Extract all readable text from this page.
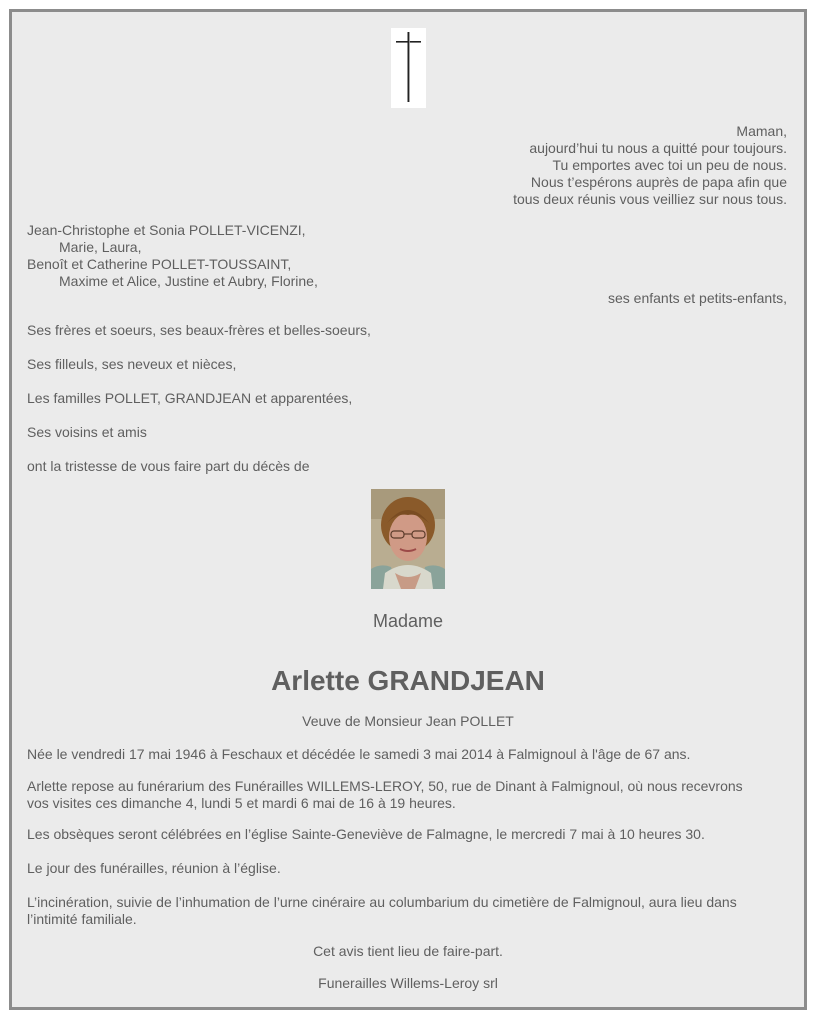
Maman,

aujourd’hui tu nous a quitté pour toujours.

Tu emportes avec toi un peu de nous.

Nous t’espérons auprès de papa afin que

tous deux réunis vous veilliez sur nous tous.

Jean-Christophe et Sonia POLLET-VICENZI,

Marie, Laura,

Benoît et Catherine POLLET-TOUSSAINT,

Maxime et Alice, Justine et Aubry, Florine,

ses enfants et petits-enfants,

Ses frères et soeurs, ses beaux-frères et belles-soeurs,

Ses filleuls, ses neveux et nièces,

Les familles POLLET, GRANDJEAN et apparentées,

Ses voisins et amis

ont la tristesse de vous faire part du décès de

Madame

Arlette GRANDJEAN

Veuve de Monsieur Jean POLLET

Née le vendredi 17 mai 1946 à Feschaux et décédée le samedi 3 mai 2014 à Falmignoul à l'âge de 67 ans.

Arlette repose au funérarium des Funérailles WILLEMS-LEROY, 50, rue de Dinant à Falmignoul, où nous recevrons

vos visites ces dimanche 4, lundi 5 et mardi 6 mai de 16 à 19 heures.

Les obsèques seront célébrées en l’église Sainte-Geneviève de Falmagne, le mercredi 7 mai à 10 heures 30.

Le jour des funérailles, réunion à l’église.

L’incinération, suivie de l’inhumation de l’urne cinéraire au columbarium du cimetière de Falmignoul, aura lieu dans

l’intimité familiale.

Cet avis tient lieu de faire-part.

Funerailles Willems-Leroy srl
